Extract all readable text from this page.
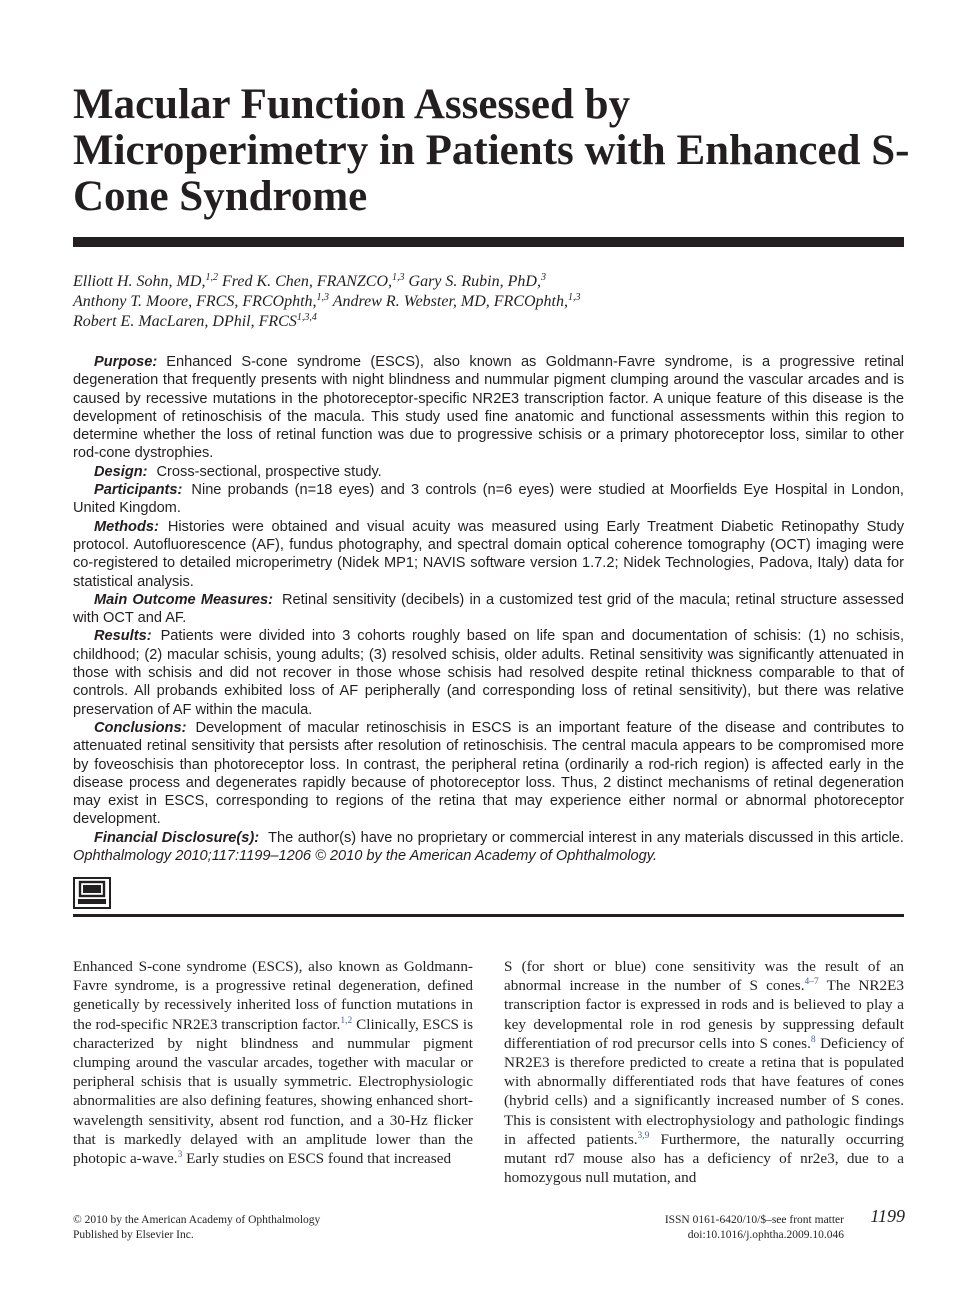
Macular Function Assessed by Microperimetry in Patients with Enhanced S-Cone Syndrome
Elliott H. Sohn, MD,$^{1,2}$ Fred K. Chen, FRANZCO,$^{1,3}$ Gary S. Rubin, PhD,$^3$
Anthony T. Moore, FRCS, FRCOphth,$^{1,3}$ Andrew R. Webster, MD, FRCOphth,$^{1,3}$
Robert E. MacLaren, DPhil, FRCS$^{1,3,4}$

Purpose: Enhanced S-cone syndrome (ESCS), also known as Goldmann-Favre syndrome, is a progressive retinal degeneration that frequently presents with night blindness and nummular pigment clumping around the vascular arcades and is caused by recessive mutations in the photoreceptor-specific NR2E3 transcription factor. A unique feature of this disease is the development of retinoschisis of the macula. This study used fine anatomic and functional assessments within this region to determine whether the loss of retinal function was due to progressive schisis or a primary photoreceptor loss, similar to other rod-cone dystrophies.

Design: Cross-sectional, prospective study.

Participants: Nine probands (n=18 eyes) and 3 controls (n=6 eyes) were studied at Moorfields Eye Hospital in London, United Kingdom.

Methods: Histories were obtained and visual acuity was measured using Early Treatment Diabetic Retinopathy Study protocol. Autofluorescence (AF), fundus photography, and spectral domain optical coherence tomography (OCT) imaging were co-registered to detailed microperimetry (Nidek MP1; NAVIS software version 1.7.2; Nidek Technologies, Padova, Italy) data for statistical analysis.

Main Outcome Measures: Retinal sensitivity (decibels) in a customized test grid of the macula; retinal structure assessed with OCT and AF.

Results: Patients were divided into 3 cohorts roughly based on life span and documentation of schisis: (1) no schisis, childhood; (2) macular schisis, young adults; (3) resolved schisis, older adults. Retinal sensitivity was significantly attenuated in those with schisis and did not recover in those whose schisis had resolved despite retinal thickness comparable to that of controls. All probands exhibited loss of AF peripherally (and corresponding loss of retinal sensitivity), but there was relative preservation of AF within the macula.

Conclusions: Development of macular retinoschisis in ESCS is an important feature of the disease and contributes to attenuated retinal sensitivity that persists after resolution of retinoschisis. The central macula appears to be compromised more by foveoschisis than photoreceptor loss. In contrast, the peripheral retina (ordinarily a rod-rich region) is affected early in the disease process and degenerates rapidly because of photoreceptor loss. Thus, 2 distinct mechanisms of retinal degeneration may exist in ESCS, corresponding to regions of the retina that may experience either normal or abnormal photoreceptor development.

Financial Disclosure(s): The author(s) have no proprietary or commercial interest in any materials discussed in this article. Ophthalmology 2010;117:1199–1206 © 2010 by the American Academy of Ophthalmology.

Enhanced S-cone syndrome (ESCS), also known as Goldmann-Favre syndrome, is a progressive retinal degeneration, defined genetically by recessively inherited loss of function mutations in the rod-specific NR2E3 transcription factor.$^{1,2}$ Clinically, ESCS is characterized by night blindness and nummular pigment clumping around the vascular arcades, together with macular or peripheral schisis that is usually symmetric. Electrophysiologic abnormalities are also defining features, showing enhanced short-wavelength sensitivity, absent rod function, and a 30-Hz flicker that is markedly delayed with an amplitude lower than the photopic a-wave.$^3$ Early studies on ESCS found that increased

S (for short or blue) cone sensitivity was the result of an abnormal increase in the number of S cones.$^{4-7}$ The NR2E3 transcription factor is expressed in rods and is believed to play a key developmental role in rod genesis by suppressing default differentiation of rod precursor cells into S cones.$^8$ Deficiency of NR2E3 is therefore predicted to create a retina that is populated with abnormally differentiated rods that have features of cones (hybrid cells) and a significantly increased number of S cones. This is consistent with electrophysiology and pathologic findings in affected patients.$^{3,9}$ Furthermore, the naturally occurring mutant rd7 mouse also has a deficiency of nr2e3, due to a homozygous null mutation, and

© 2010 by the American Academy of Ophthalmology
Published by Elsevier Inc.
ISSN 0161-6420/10/$–see front matter
doi:10.1016/j.ophtha.2009.10.046
1199
